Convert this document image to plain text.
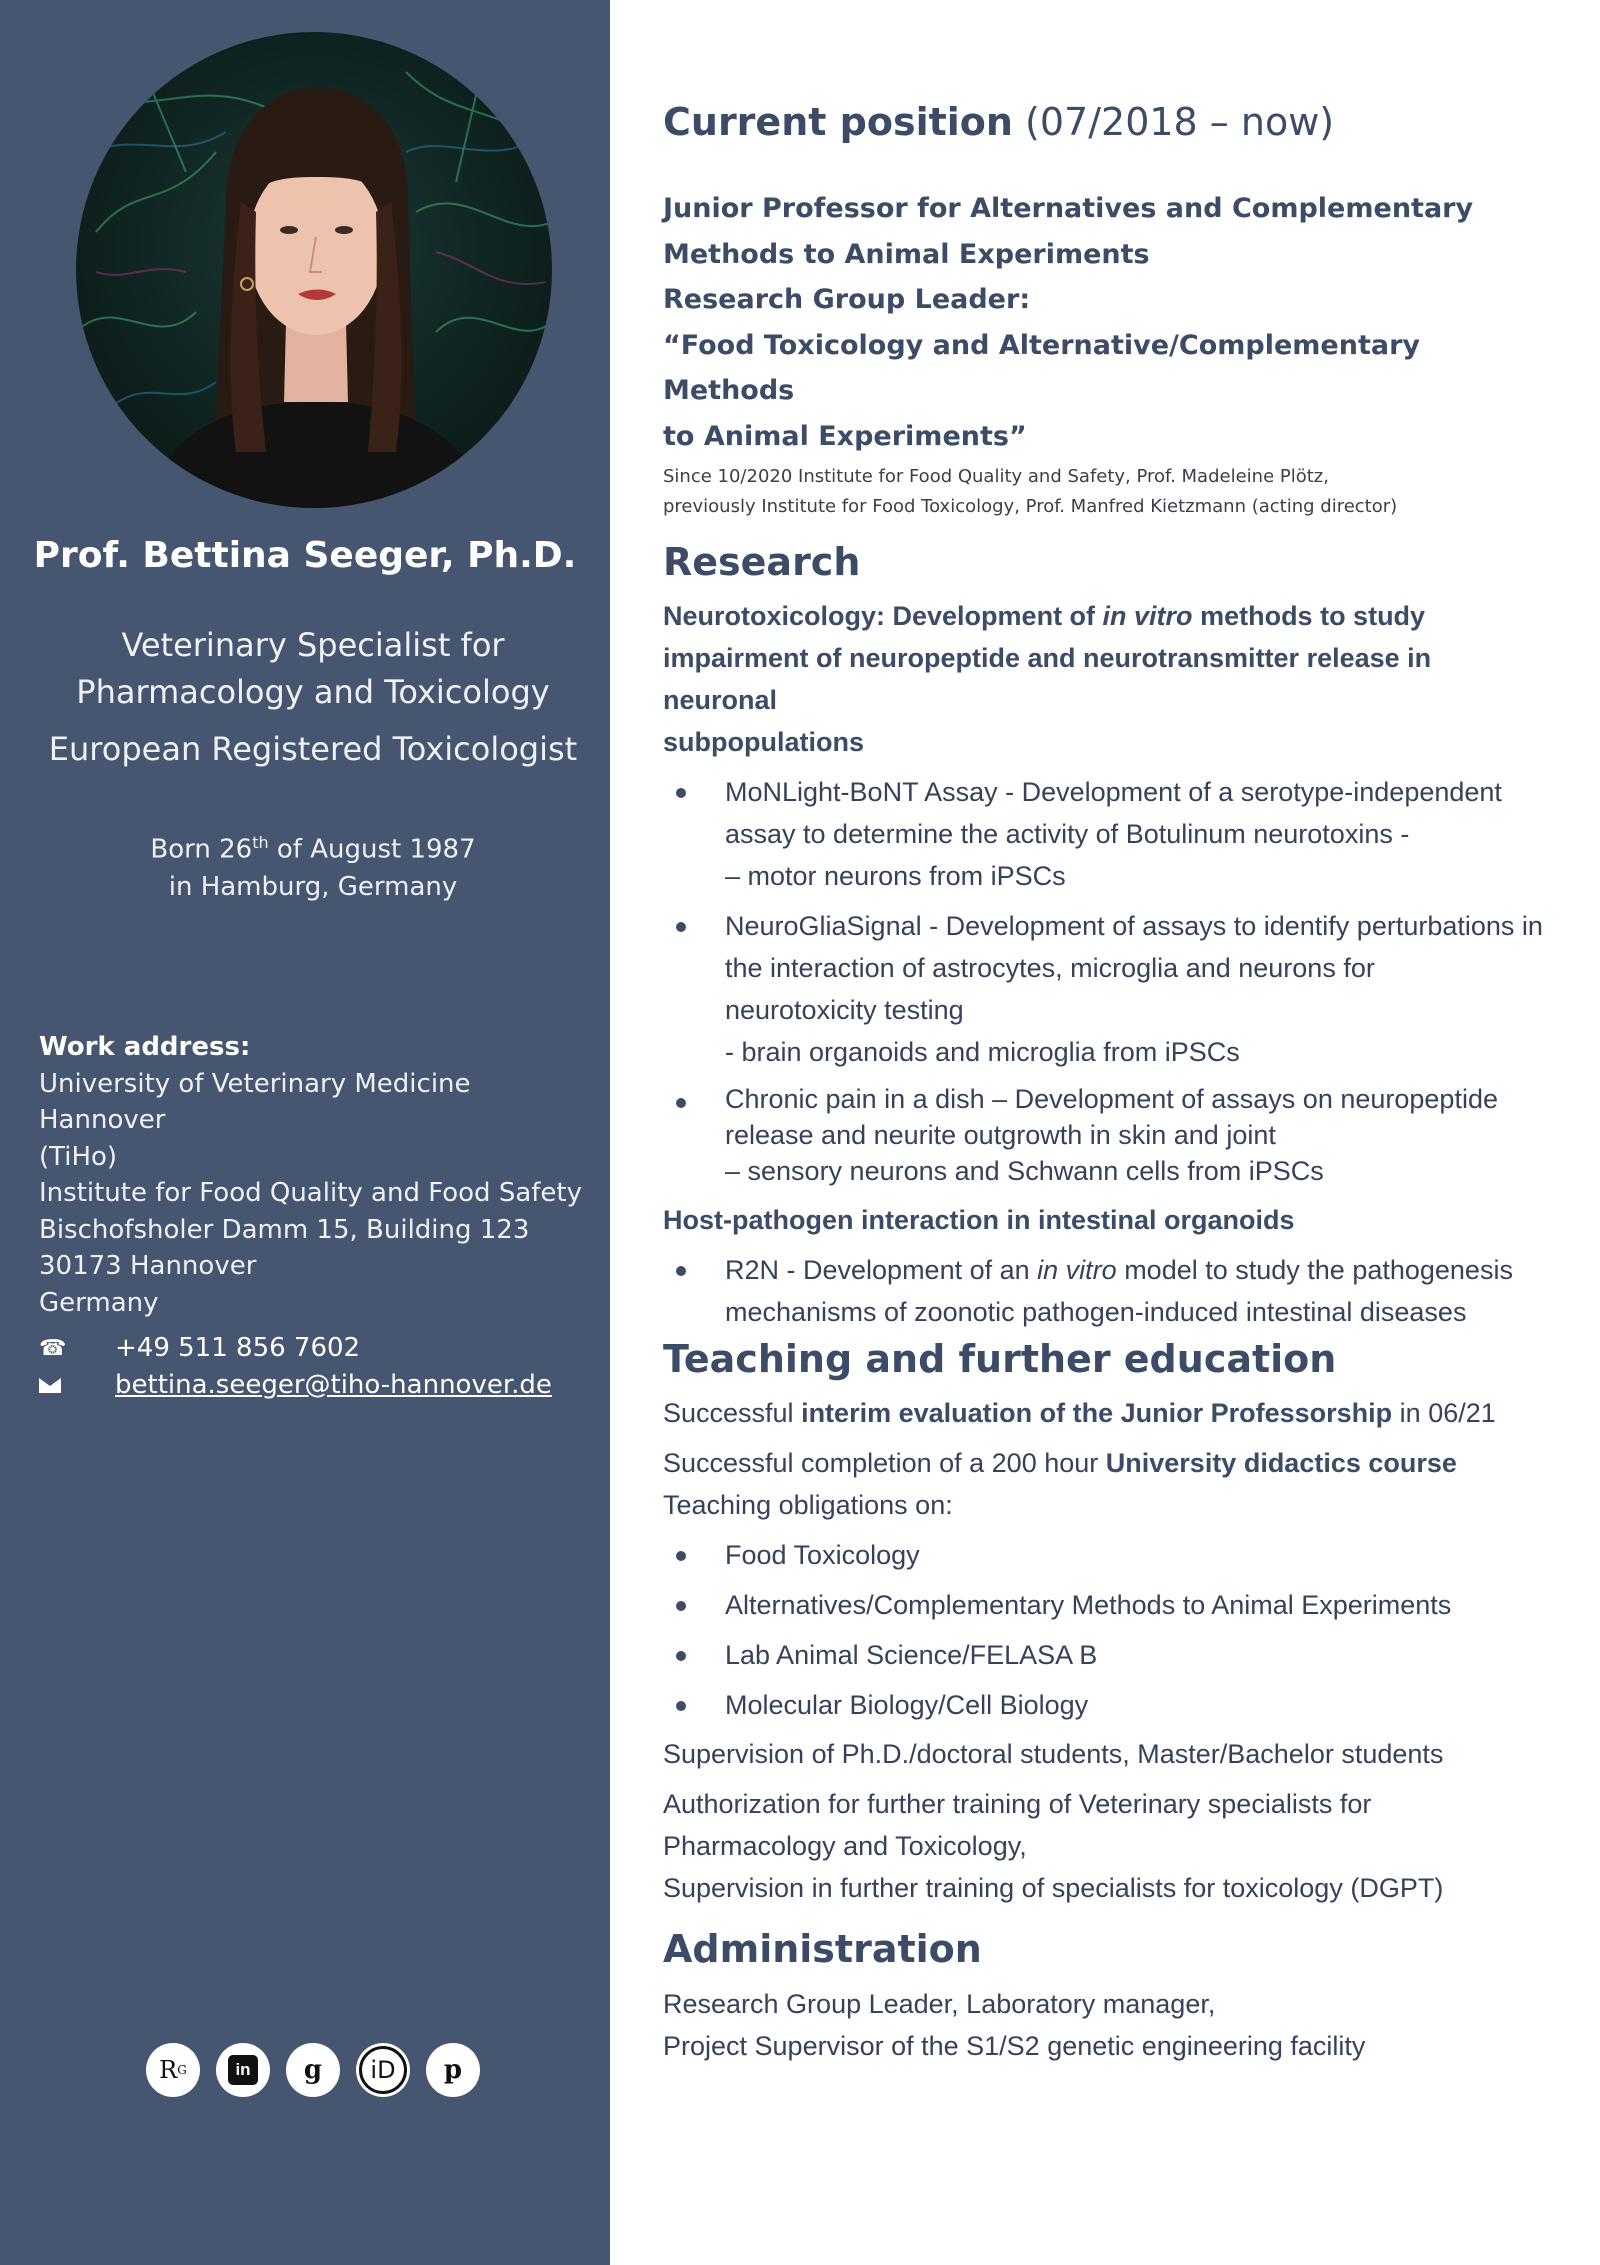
Prof. Bettina Seeger, Ph.D.
Veterinary Specialist for
Pharmacology and Toxicology
European Registered Toxicologist
Born 26th of August 1987
in Hamburg, Germany
Work address:
University of Veterinary Medicine Hannover
(TiHo)
Institute for Food Quality and Food Safety
Bischofsholer Damm 15, Building 123
30173 Hannover
Germany
☎	+49 511 856 7602
bettina.seeger@tiho-hannover.de
R G	in g iD p
Current position (07/2018 – now)
Junior Professor for Alternatives and Complementary
Methods to Animal Experiments
Research Group Leader:
“Food Toxicology and Alternative/Complementary Methods
to Animal Experiments”
Since 10/2020 Institute for Food Quality and Safety, Prof. Madeleine Plötz,
previously Institute for Food Toxicology, Prof. Manfred Kietzmann (acting director)
Research
Neurotoxicology: Development of in vitro methods to study
impairment of neuropeptide and neurotransmitter release in neuronal
subpopulations
MoNLight-BoNT Assay - Development of a serotype-independent
assay to determine the activity of Botulinum neurotoxins -
– motor neurons from iPSCs
NeuroGliaSignal - Development of assays to identify perturbations in
the interaction of astrocytes, microglia and neurons for
neurotoxicity testing
- brain organoids and microglia from iPSCs
Chronic pain in a dish – Development of assays on neuropeptide
release and neurite outgrowth in skin and joint
– sensory neurons and Schwann cells from iPSCs
Host-pathogen interaction in intestinal organoids
R2N - Development of an in vitro model to study the pathogenesis
mechanisms of zoonotic pathogen-induced intestinal diseases
Teaching and further education
Successful interim evaluation of the Junior Professorship in 06/21
Successful completion of a 200 hour University didactics course
Teaching obligations on:
Food Toxicology
Alternatives/Complementary Methods to Animal Experiments
Lab Animal Science/FELASA B
Molecular Biology/Cell Biology
Supervision of Ph.D./doctoral students, Master/Bachelor students
Authorization for further training of Veterinary specialists for
Pharmacology and Toxicology,
Supervision in further training of specialists for toxicology (DGPT)
Administration
Research Group Leader, Laboratory manager,
Project Supervisor of the S1/S2 genetic engineering facility
